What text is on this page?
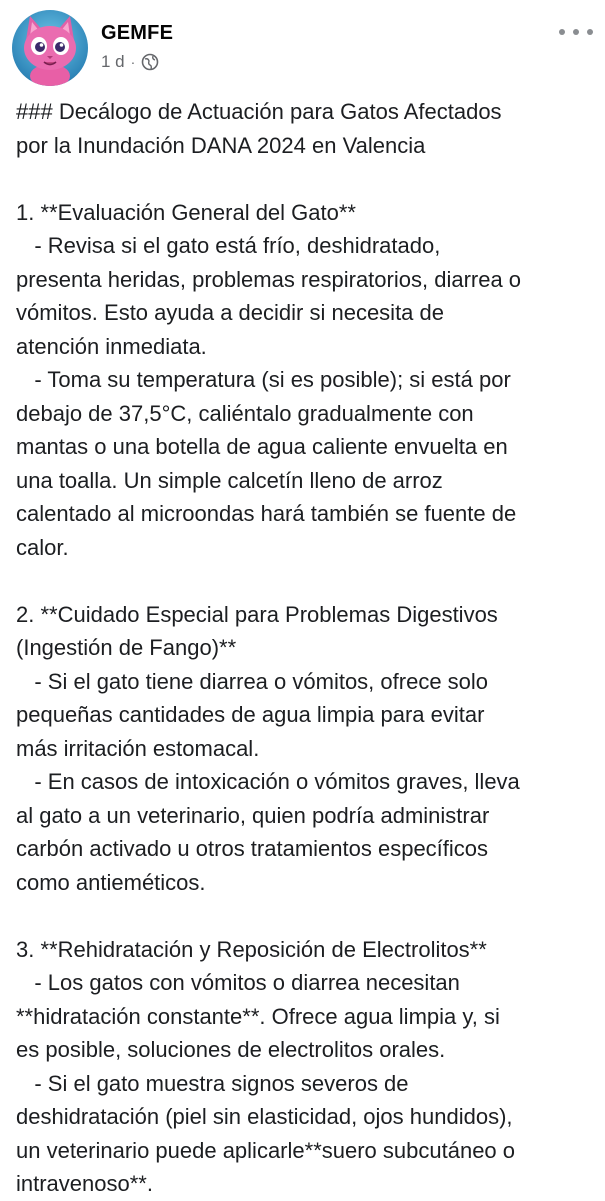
GEMFE
1 d ·

### Decálogo de Actuación para Gatos Afectados

por la Inundación DANA 2024 en Valencia

1. **Evaluación General del Gato**

- Revisa si el gato está frío, deshidratado,

presenta heridas, problemas respiratorios, diarrea o

vómitos. Esto ayuda a decidir si necesita de

atención inmediata.

- Toma su temperatura (si es posible); si está por

debajo de 37,5°C, caliéntalo gradualmente con

mantas o una botella de agua caliente envuelta en

una toalla. Un simple calcetín lleno de arroz

calentado al microondas hará también se fuente de

calor.

2. **Cuidado Especial para Problemas Digestivos

(Ingestión de Fango)**

- Si el gato tiene diarrea o vómitos, ofrece solo

pequeñas cantidades de agua limpia para evitar

más irritación estomacal.

- En casos de intoxicación o vómitos graves, lleva

al gato a un veterinario, quien podría administrar

carbón activado u otros tratamientos específicos

como antieméticos.

3. **Rehidratación y Reposición de Electrolitos**

- Los gatos con vómitos o diarrea necesitan

**hidratación constante**. Ofrece agua limpia y, si

es posible, soluciones de electrolitos orales.

- Si el gato muestra signos severos de

deshidratación (piel sin elasticidad, ojos hundidos),

un veterinario puede aplicarle**suero subcutáneo o

intravenoso**.
